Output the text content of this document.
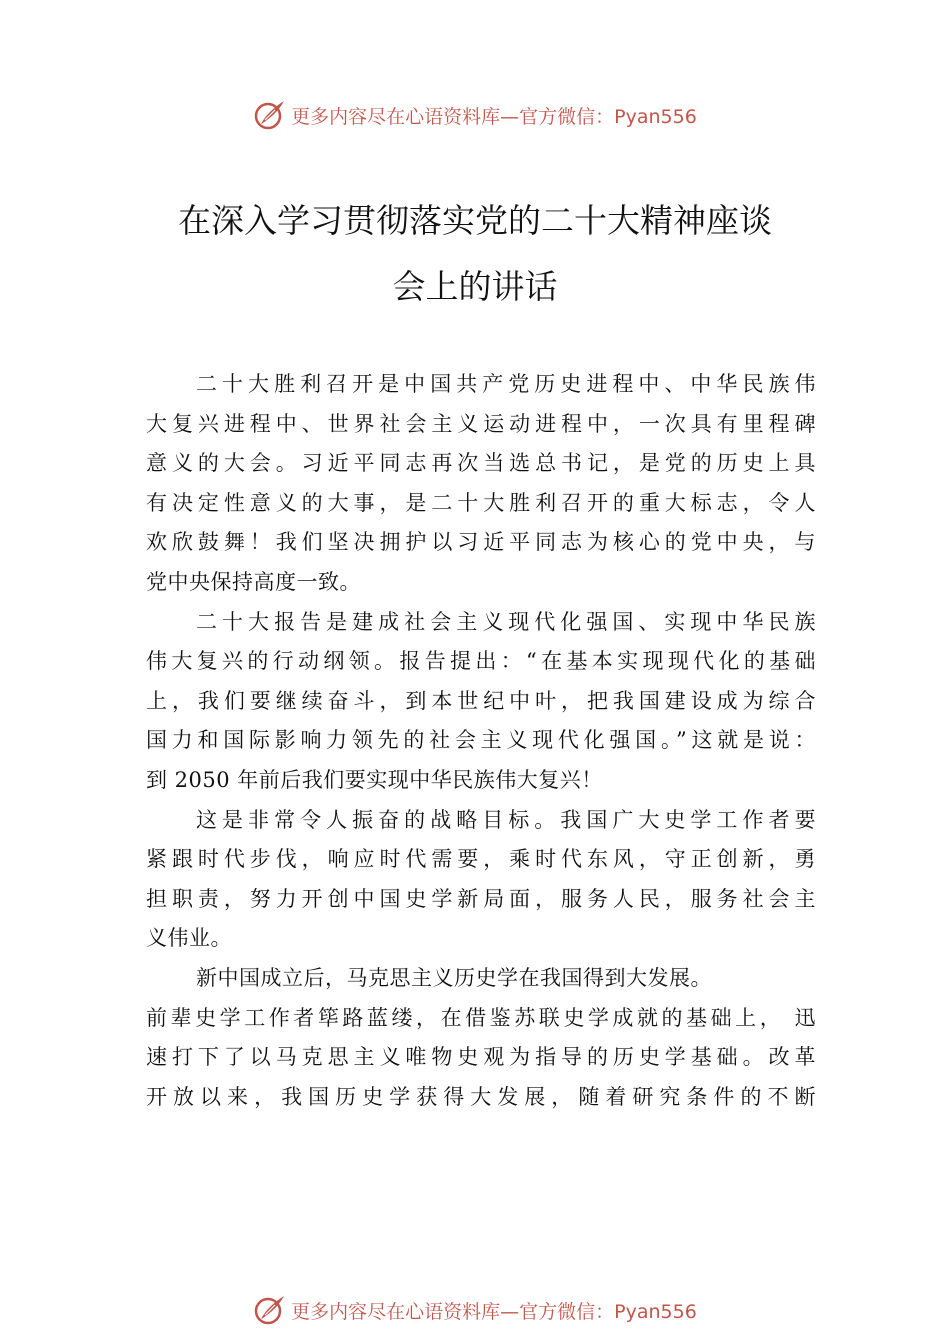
更多内容尽在心语资料库 —官方微信：Pyan556
在深入学习贯彻落实党的二十大精神座谈
会上的讲话
二十大胜利召开是中国共产党历史进程中、中华民族伟
大复兴进程中、世界社会主义运动进程中，一次具有里程碑
意义的大会。习近平同志再次当选总书记，是党的历史上具
有决定性意义的大事，是二十大胜利召开的重大标志，令人
欢欣鼓舞！我们坚决拥护以习近平同志为核心的党中央，与
党中央保持高度一致。
二十大报告是建成社会主义现代化强国、实现中华民族
伟大复兴的行动纲领。报告提出：“在基本实现现代化的基础
上，我们要继续奋斗，到本世纪中叶，把我国建设成为综合
国力和国际影响力领先的社会主义现代化强国。”这就是说：
到 2050 年前后我们要实现中华民族伟大复兴！
这是非常令人振奋的战略目标。我国广大史学工作者要
紧跟时代步伐，响应时代需要，乘时代东风，守正创新，勇
担职责，努力开创中国史学新局面，服务人民，服务社会主
义伟业。
新中国成立后，马克思主义历史学在我国得到大发展。
前辈史学工作者筚路蓝缕，在借鉴苏联史学成就的基础上， 迅
速打下了以马克思主义唯物史观为指导的历史学基础。改革
开放以来，我国历史学获得大发展，随着研究条件的不断
更多内容尽在心语资料库 —官方微信：Pyan556
